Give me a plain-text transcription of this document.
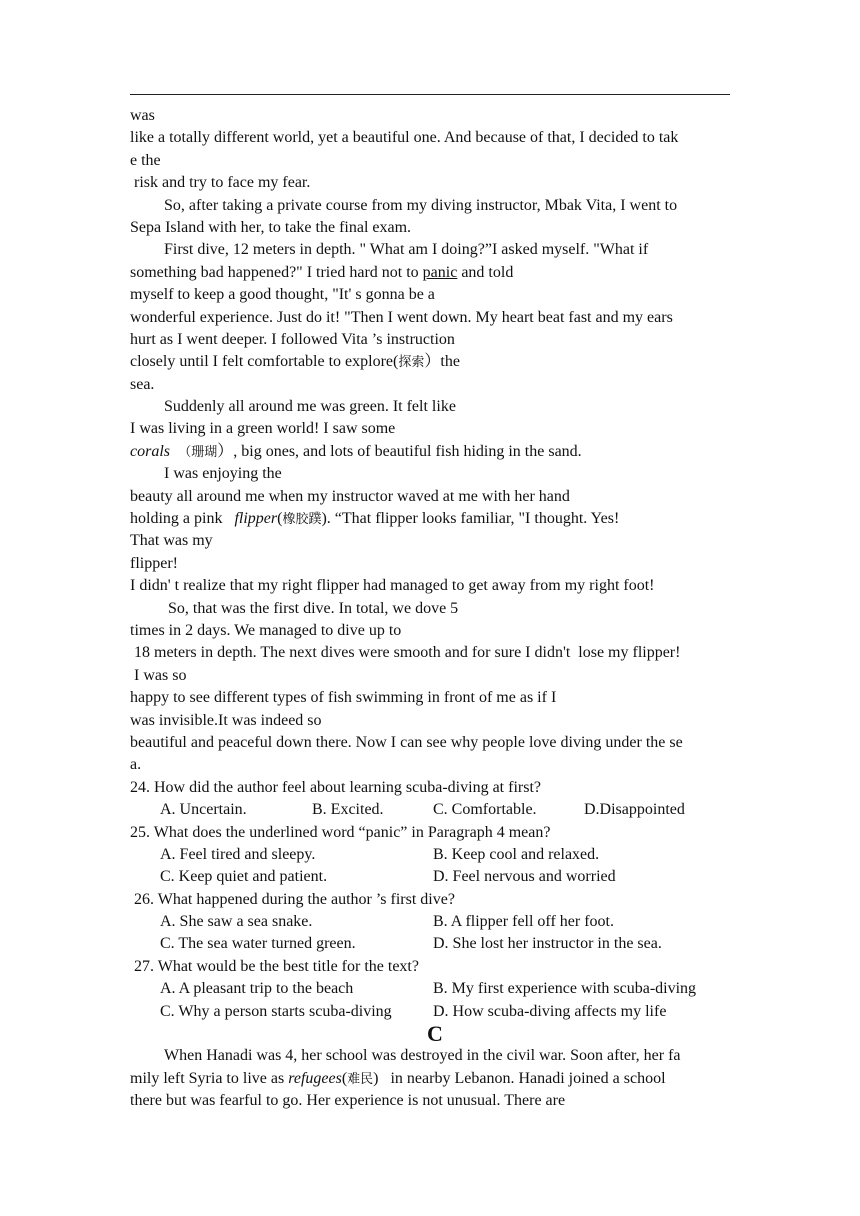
was
like a totally different world, yet a beautiful one. And because of that, I decided to tak
e the
risk and try to face my fear.
So, after taking a private course from my diving instructor, Mbak Vita, I went to
Sepa Island with her, to take the final exam.
First dive, 12 meters in depth. " What am I doing?”I asked myself. "What if
something bad happened?" I tried hard not to panic and told
myself to keep a good thought, "It' s gonna be a
wonderful experience. Just do it! "Then I went down. My heart beat fast and my ears
hurt as I went deeper. I followed Vita ’s instruction
closely until I felt comfortable to explore(探索）the
sea.
Suddenly all around me was green. It felt like
I was living in a green world! I saw some
corals  （珊瑚）, big ones, and lots of beautiful fish hiding in the sand.
I was enjoying the
beauty all around me when my instructor waved at me with her hand
holding a pink   flipper(橡胶蹼). “That flipper looks familiar, "I thought. Yes!
That was my
flipper!
I didn' t realize that my right flipper had managed to get away from my right foot!
So, that was the first dive. In total, we dove 5
times in 2 days. We managed to dive up to
18 meters in depth. The next dives were smooth and for sure I didn't  lose my flipper!
I was so
happy to see different types of fish swimming in front of me as if I
was invisible.It was indeed so
beautiful and peaceful down there. Now I can see why people love diving under the se
a.
24. How did the author feel about learning scuba-diving at first?
A. Uncertain.	B. Excited.	C. Comfortable.	D.Disappointed
25. What does the underlined word “panic” in Paragraph 4 mean?
A. Feel tired and sleepy.	B. Keep cool and relaxed.
C. Keep quiet and patient.	D. Feel nervous and worried
26. What happened during the author ’s first dive?
A. She saw a sea snake.	B. A flipper fell off her foot.
C. The sea water turned green.	D. She lost her instructor in the sea.
27. What would be the best title for the text?
A. A pleasant trip to the beach	B. My first experience with scuba-diving
C. Why a person starts scuba-diving	D. How scuba-diving affects my life
C
When Hanadi was 4, her school was destroyed in the civil war. Soon after, her fa
mily left Syria to live as refugees(难民)   in nearby Lebanon. Hanadi joined a school
there but was fearful to go. Her experience is not unusual. There are
